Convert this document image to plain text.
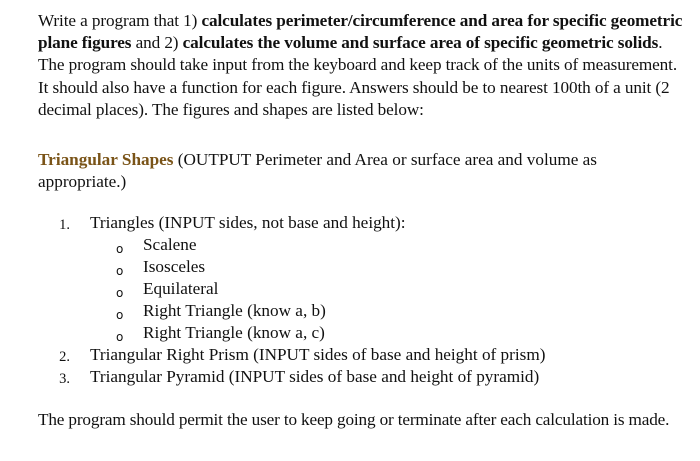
Write a program that 1) calculates perimeter/circumference and area for specific geometric plane figures and 2) calculates the volume and surface area of specific geometric solids. The program should take input from the keyboard and keep track of the units of measurement. It should also have a function for each figure. Answers should be to nearest 100th of a unit (2 decimal places). The figures and shapes are listed below:

Triangular Shapes (OUTPUT Perimeter and Area or surface area and volume as appropriate.)

1. Triangles (INPUT sides, not base and height):
o Scalene
o Isosceles
o Equilateral
o Right Triangle (know a, b)
o Right Triangle (know a, c)
2. Triangular Right Prism (INPUT sides of base and height of prism)
3. Triangular Pyramid (INPUT sides of base and height of pyramid)

The program should permit the user to keep going or terminate after each calculation is made.
